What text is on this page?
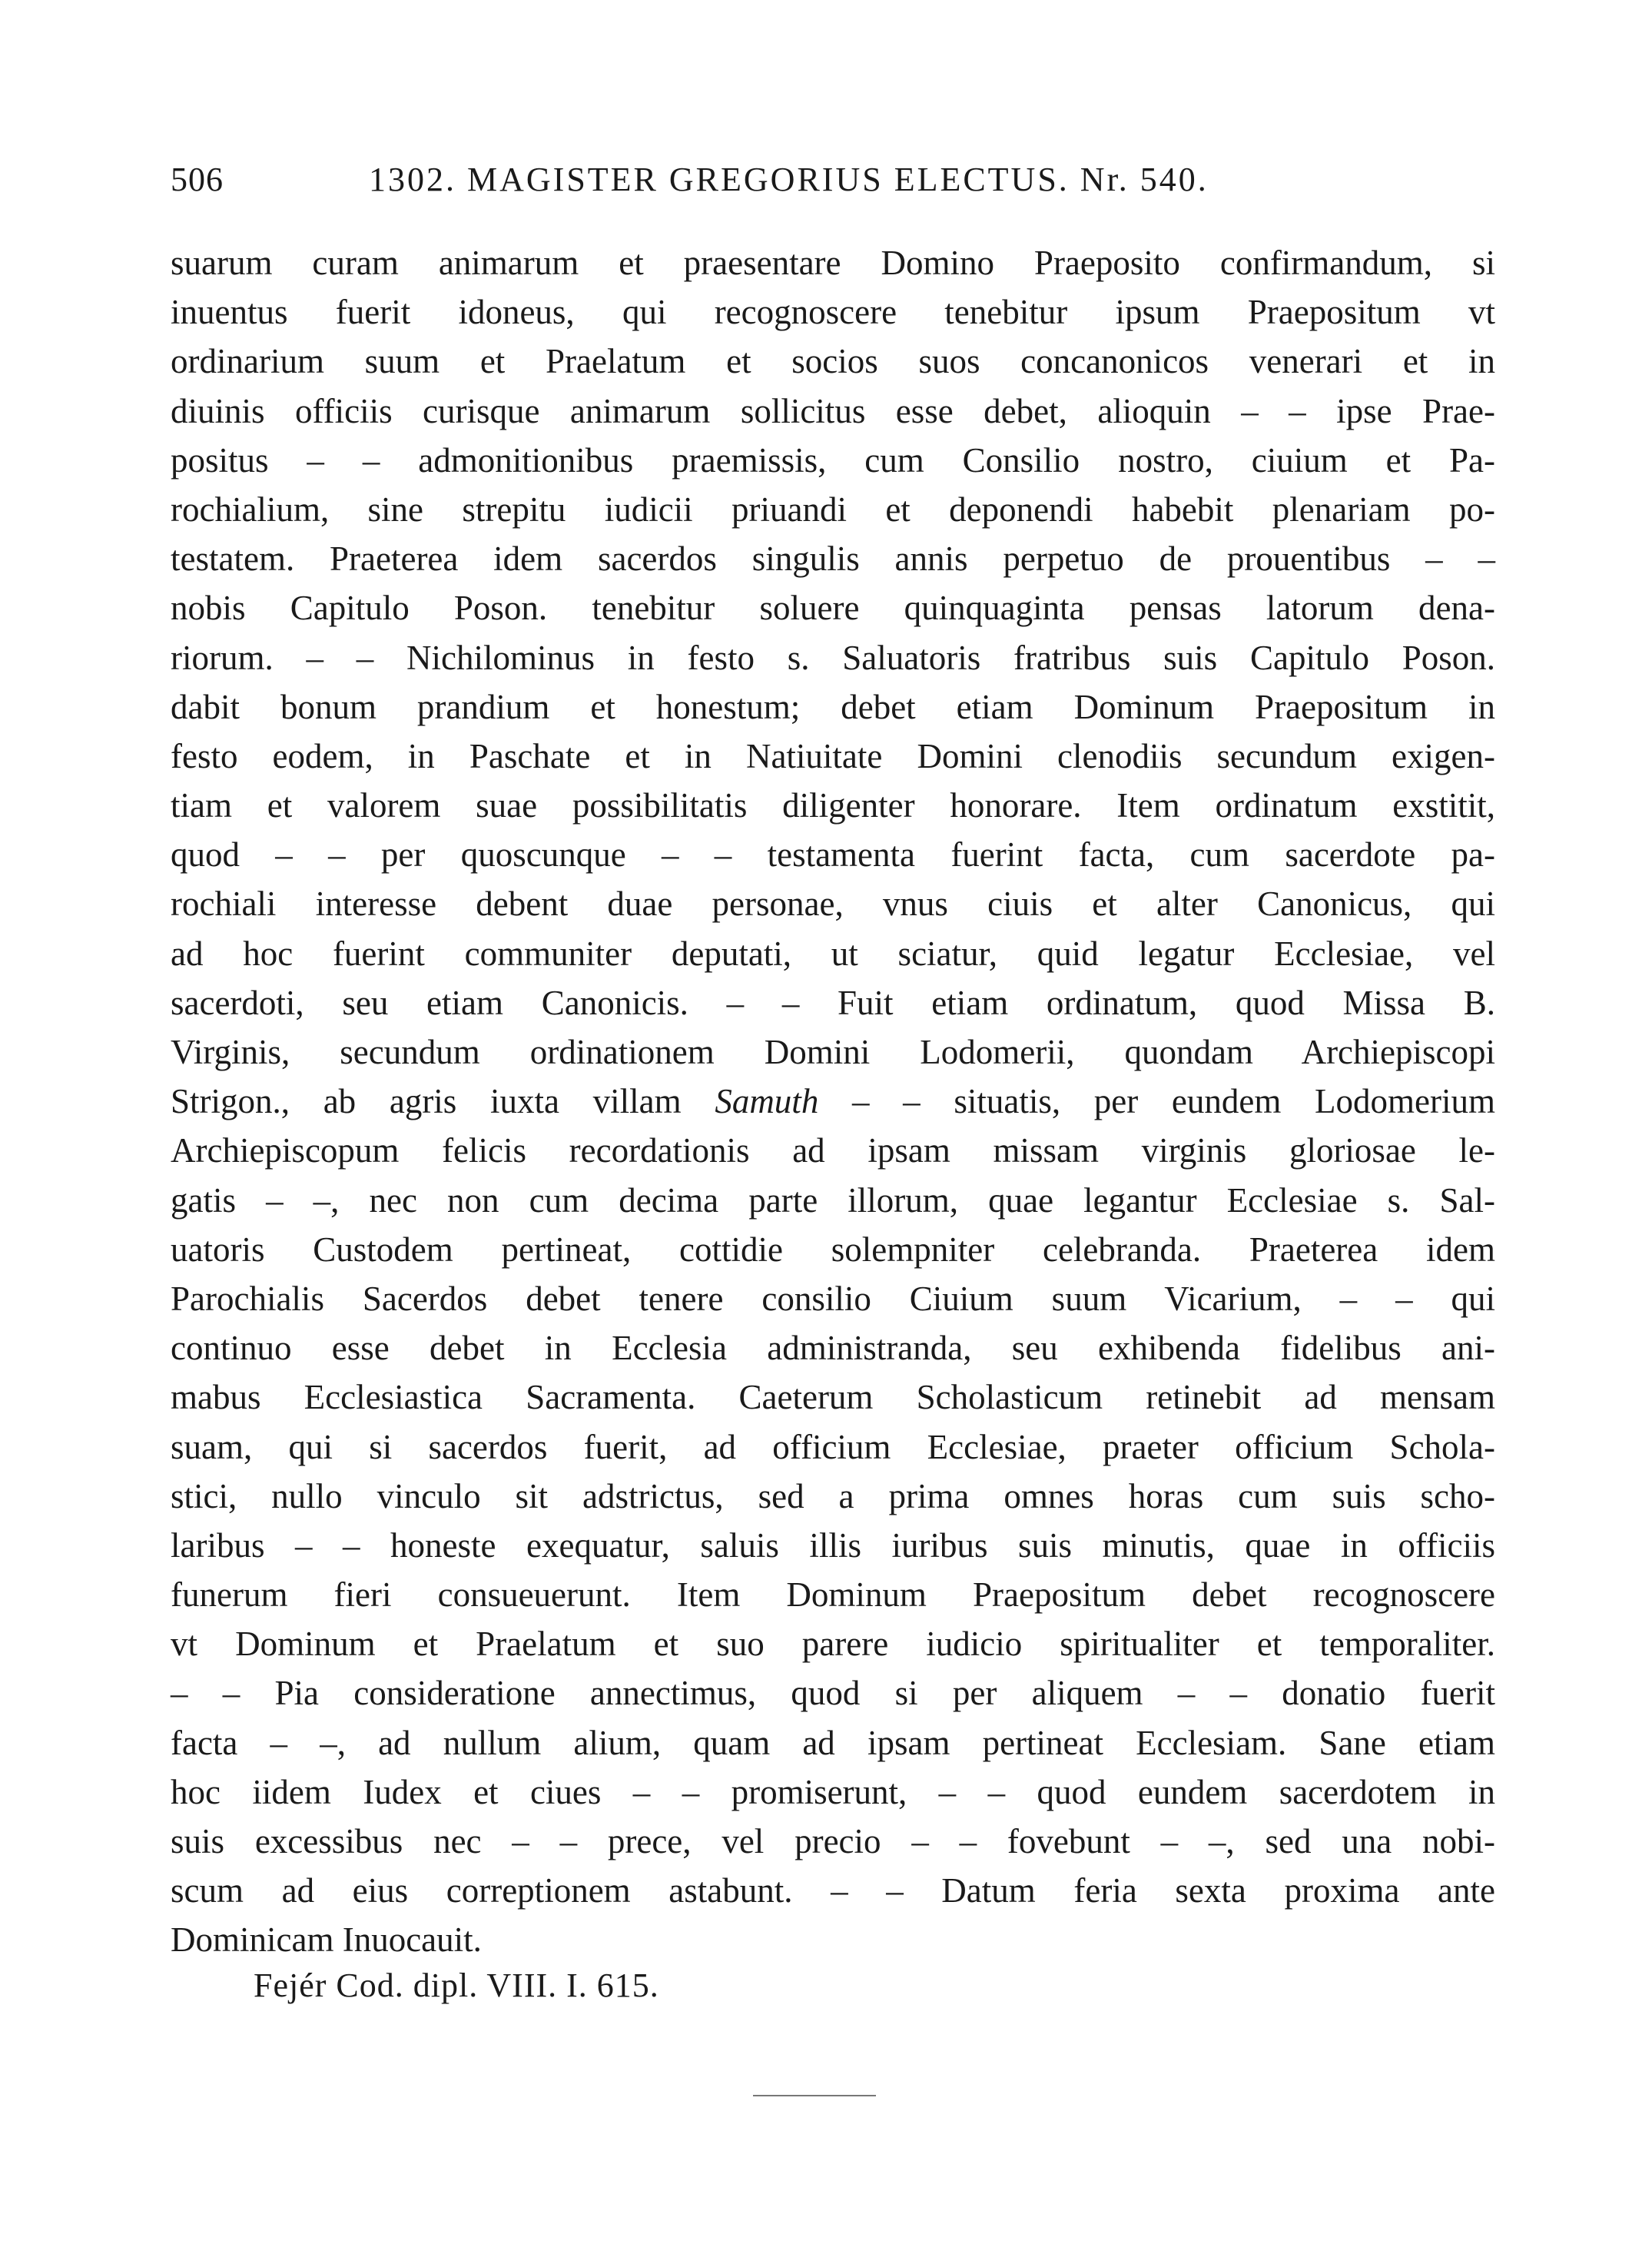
506	1302. MAGISTER GREGORIUS ELECTUS. Nr. 540.
suarum curam animarum et praesentare Domino Praeposito confirmandum, si
inuentus fuerit idoneus, qui recognoscere tenebitur ipsum Praepositum vt
ordinarium suum et Praelatum et socios suos concanonicos venerari et in
diuinis officiis curisque animarum sollicitus esse debet, alioquin – – ipse Prae-
positus – – admonitionibus praemissis, cum Consilio nostro, ciuium et Pa-
rochialium, sine strepitu iudicii priuandi et deponendi habebit plenariam po-
testatem. Praeterea idem sacerdos singulis annis perpetuo de prouentibus – –
nobis Capitulo Poson. tenebitur soluere quinquaginta pensas latorum dena-
riorum. – – Nichilominus in festo s. Saluatoris fratribus suis Capitulo Poson.
dabit bonum prandium et honestum; debet etiam Dominum Praepositum in
festo eodem, in Paschate et in Natiuitate Domini clenodiis secundum exigen-
tiam et valorem suae possibilitatis diligenter honorare. Item ordinatum exstitit,
quod – – per quoscunque – – testamenta fuerint facta, cum sacerdote pa-
rochiali interesse debent duae personae, vnus ciuis et alter Canonicus, qui
ad hoc fuerint communiter deputati, ut sciatur, quid legatur Ecclesiae, vel
sacerdoti, seu etiam Canonicis. – – Fuit etiam ordinatum, quod Missa B.
Virginis, secundum ordinationem Domini Lodomerii, quondam Archiepiscopi
Strigon., ab agris iuxta villam Samuth – – situatis, per eundem Lodomerium
Archiepiscopum felicis recordationis ad ipsam missam virginis gloriosae le-
gatis – –, nec non cum decima parte illorum, quae legantur Ecclesiae s. Sal-
uatoris Custodem pertineat, cottidie solempniter celebranda. Praeterea idem
Parochialis Sacerdos debet tenere consilio Ciuium suum Vicarium, – – qui
continuo esse debet in Ecclesia administranda, seu exhibenda fidelibus ani-
mabus Ecclesiastica Sacramenta. Caeterum Scholasticum retinebit ad mensam
suam, qui si sacerdos fuerit, ad officium Ecclesiae, praeter officium Schola-
stici, nullo vinculo sit adstrictus, sed a prima omnes horas cum suis scho-
laribus – – honeste exequatur, saluis illis iuribus suis minutis, quae in officiis
funerum fieri consueuerunt. Item Dominum Praepositum debet recognoscere
vt Dominum et Praelatum et suo parere iudicio spiritualiter et temporaliter.
– – Pia consideratione annectimus, quod si per aliquem – – donatio fuerit
facta – –, ad nullum alium, quam ad ipsam pertineat Ecclesiam. Sane etiam
hoc iidem Iudex et ciues – – promiserunt, – – quod eundem sacerdotem in
suis excessibus nec – – prece, vel precio – – fovebunt – –, sed una nobi-
scum ad eius correptionem astabunt. – – Datum feria sexta proxima ante
Dominicam Inuocauit.
Fejér Cod. dipl. VIII. I. 615.
